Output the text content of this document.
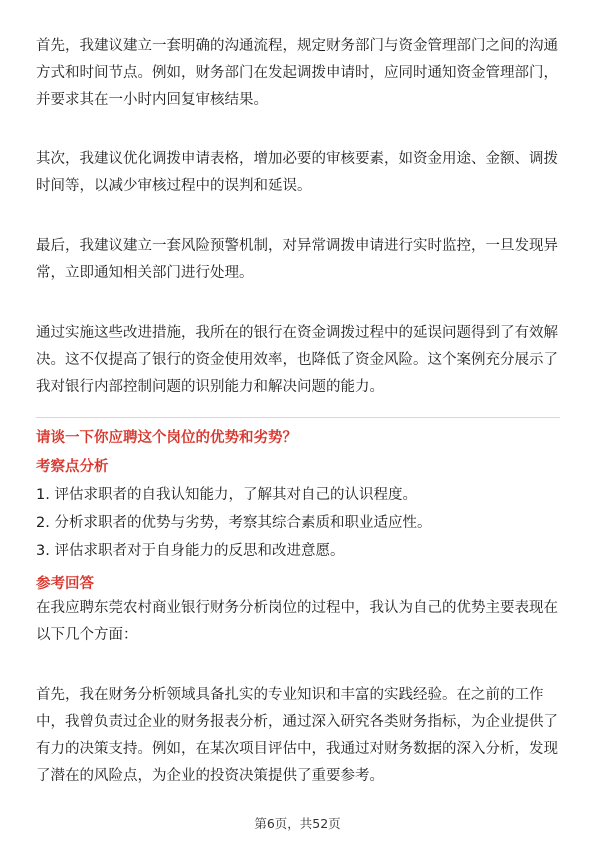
首先，我建议建立一套明确的沟通流程，规定财务部门与资金管理部门之间的沟通
方式和时间节点。例如，财务部门在发起调拨申请时，应同时通知资金管理部门，
并要求其在一小时内回复审核结果。

其次，我建议优化调拨申请表格，增加必要的审核要素，如资金用途、金额、调拨
时间等，以减少审核过程中的误判和延误。

最后，我建议建立一套风险预警机制，对异常调拨申请进行实时监控，一旦发现异
常，立即通知相关部门进行处理。

通过实施这些改进措施，我所在的银行在资金调拨过程中的延误问题得到了有效解
决。这不仅提高了银行的资金使用效率，也降低了资金风险。这个案例充分展示了
我对银行内部控制问题的识别能力和解决问题的能力。

请谈一下你应聘这个岗位的优势和劣势？
考察点分析
1. 评估求职者的自我认知能力，了解其对自己的认识程度。
2. 分析求职者的优势与劣势，考察其综合素质和职业适应性。
3. 评估求职者对于自身能力的反思和改进意愿。
参考回答

在我应聘东莞农村商业银行财务分析岗位的过程中，我认为自己的优势主要表现在
以下几个方面：

首先，我在财务分析领域具备扎实的专业知识和丰富的实践经验。在之前的工作
中，我曾负责过企业的财务报表分析，通过深入研究各类财务指标，为企业提供了
有力的决策支持。例如，在某次项目评估中，我通过对财务数据的深入分析，发现
了潜在的风险点，为企业的投资决策提供了重要参考。

第6页，共52页
